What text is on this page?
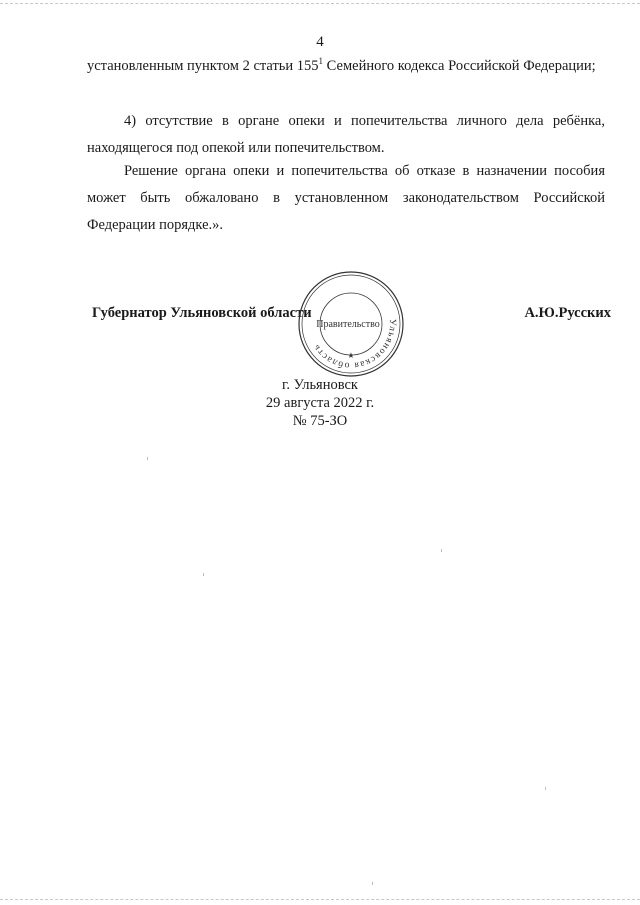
4

установленным пунктом 2 статьи $155^1$ Семейного кодекса Российской Федерации;

4) отсутствие в органе опеки и попечительства личного дела ребёнка, находящегося под опекой или попечительством.

Решение органа опеки и попечительства об отказе в назначении пособия может быть обжаловано в установленном законодательством Российской Федерации порядке.».

Губернатор Ульяновской области
Ульяновская область
Правительство
★
А.Ю.Русских
г. Ульяновск
29 августа 2022 г.
№ 75-ЗО
